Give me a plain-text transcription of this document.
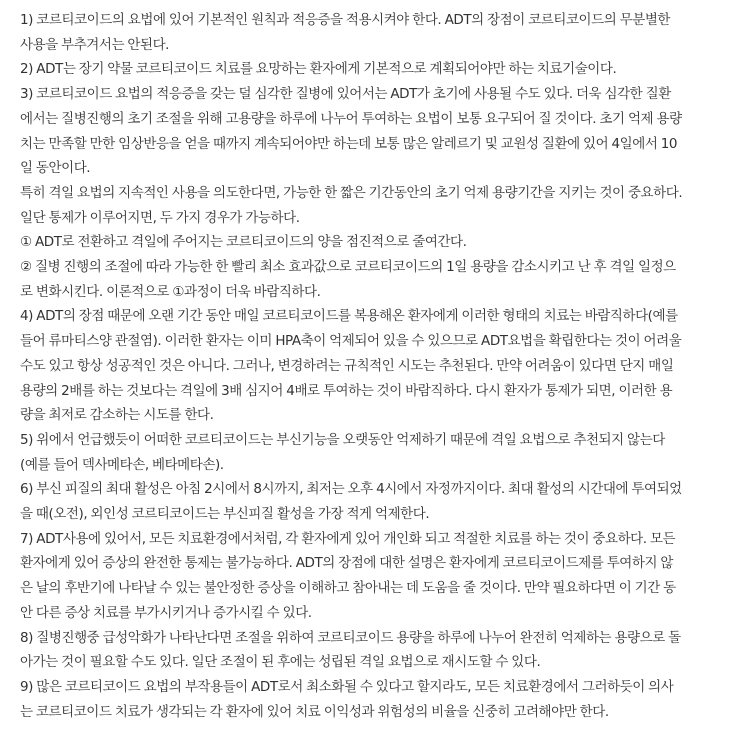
1) 코르티코이드의 요법에 있어 기본적인 원칙과 적응증을 적용시켜야 한다. ADT의 장점이 코르티코이드의 무분별한
사용을 부추겨서는 안된다.
2) ADT는 장기 약물 코르티코이드 치료를 요망하는 환자에게 기본적으로 계획되어야만 하는 치료기술이다.
3) 코르티코이드 요법의 적응증을 갖는 덜 심각한 질병에 있어서는 ADT가 초기에 사용될 수도 있다. 더욱 심각한 질환
에서는 질병진행의 초기 조절을 위해 고용량을 하루에 나누어 투여하는 요법이 보통 요구되어 질 것이다. 초기 억제 용량
치는 만족할 만한 임상반응을 얻을 때까지 계속되어야만 하는데 보통 많은 알레르기 및 교원성 질환에 있어 4일에서 10
일 동안이다.
특히 격일 요법의 지속적인 사용을 의도한다면, 가능한 한 짧은 기간동안의 초기 억제 용량기간을 지키는 것이 중요하다.
일단 통제가 이루어지면, 두 가지 경우가 가능하다.
① ADT로 전환하고 격일에 주어지는 코르티코이드의 양을 점진적으로 줄여간다.
② 질병 진행의 조절에 따라 가능한 한 빨리 최소 효과값으로 코르티코이드의 1일 용량을 감소시키고 난 후 격일 일정으
로 변화시킨다. 이론적으로 ①과정이 더욱 바람직하다.
4) ADT의 장점 때문에 오랜 기간 동안 매일 코르티코이드를 복용해온 환자에게 이러한 형태의 치료는 바람직하다(예를
들어 류마티스양 관절염). 이러한 환자는 이미 HPA축이 억제되어 있을 수 있으므로 ADT요법을 확립한다는 것이 어려울
수도 있고 항상 성공적인 것은 아니다. 그러나, 변경하려는 규칙적인 시도는 추천된다. 만약 어려움이 있다면 단지 매일
용량의 2배를 하는 것보다는 격일에 3배 심지어 4배로 투여하는 것이 바람직하다. 다시 환자가 통제가 되면, 이러한 용
량을 최저로 감소하는 시도를 한다.
5) 위에서 언급했듯이 어떠한 코르티코이드는 부신기능을 오랫동안 억제하기 때문에 격일 요법으로 추천되지 않는다
(예를 들어 덱사메타손, 베타메타손).
6) 부신 피질의 최대 활성은 아침 2시에서 8시까지, 최저는 오후 4시에서 자정까지이다. 최대 활성의 시간대에 투여되었
을 때(오전), 외인성 코르티코이드는 부신피질 활성을 가장 적게 억제한다.
7) ADT사용에 있어서, 모든 치료환경에서처럼, 각 환자에게 있어 개인화 되고 적절한 치료를 하는 것이 중요하다. 모든
환자에게 있어 증상의 완전한 통제는 불가능하다. ADT의 장점에 대한 설명은 환자에게 코르티코이드제를 투여하지 않
은 날의 후반기에 나타날 수 있는 불안정한 증상을 이해하고 참아내는 데 도움을 줄 것이다. 만약 필요하다면 이 기간 동
안 다른 증상 치료를 부가시키거나 증가시킬 수 있다.
8) 질병진행중 급성악화가 나타난다면 조절을 위하여 코르티코이드 용량을 하루에 나누어 완전히 억제하는 용량으로 돌
아가는 것이 필요할 수도 있다. 일단 조절이 된 후에는 성립된 격일 요법으로 재시도할 수 있다.
9) 많은 코르티코이드 요법의 부작용들이 ADT로서 최소화될 수 있다고 할지라도, 모든 치료환경에서 그러하듯이 의사
는 코르티코이드 치료가 생각되는 각 환자에 있어 치료 이익성과 위험성의 비율을 신중히 고려해야만 한다.
